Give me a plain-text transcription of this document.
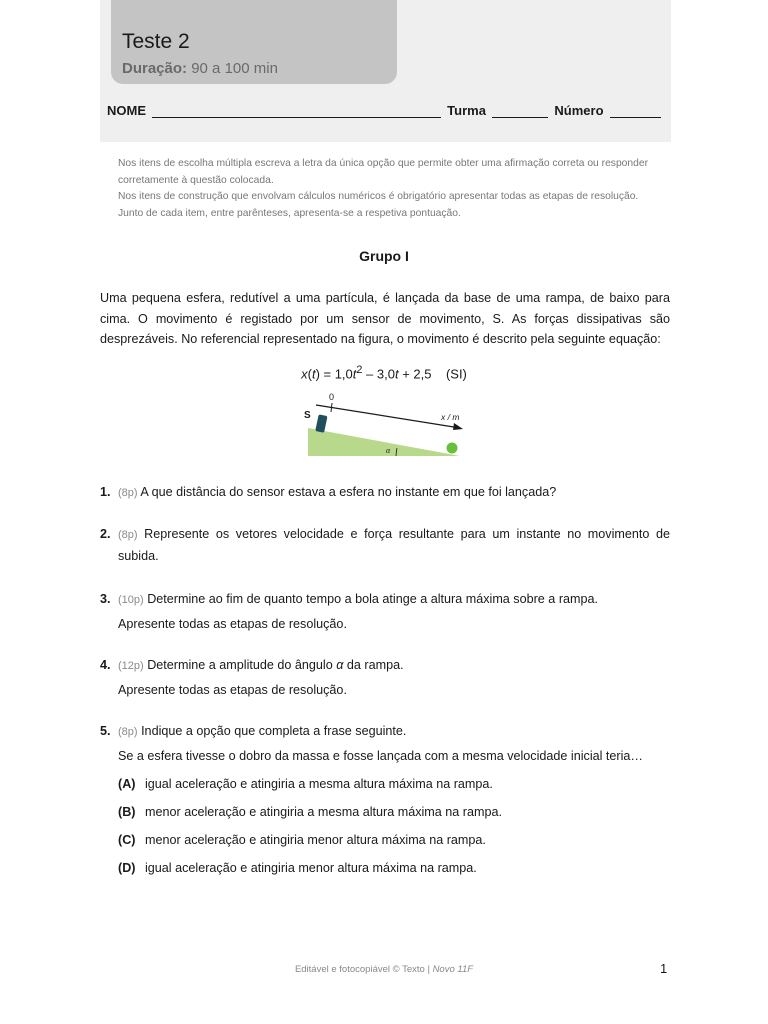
Teste 2
Duração: 90 a 100 min
NOME	Turma	Número

Nos itens de escolha múltipla escreva a letra da única opção que permite obter uma afirmação correta ou responder corretamente à questão colocada.

Nos itens de construção que envolvam cálculos numéricos é obrigatório apresentar todas as etapas de resolução.

Junto de cada item, entre parênteses, apresenta-se a respetiva pontuação.

Grupo I

Uma pequena esfera, redutível a uma partícula, é lançada da base de uma rampa, de baixo para cima. O movimento é registado por um sensor de movimento, S. As forças dissipativas são desprezáveis. No referencial representado na figura, o movimento é descrito pela seguinte equação:

$x(t) = 1,0t^2 - 3,0t + 2,5$ (SI)
S
0
x / m
α
1. (8p) A que distância do sensor estava a esfera no instante em que foi lançada?
2. (8p) Represente os vetores velocidade e força resultante para um instante no movimento de subida.
3. (10p) Determine ao fim de quanto tempo a bola atinge a altura máxima sobre a rampa.

Apresente todas as etapas de resolução.

4. (12p) Determine a amplitude do ângulo α da rampa.

Apresente todas as etapas de resolução.

5. (8p) Indique a opção que completa a frase seguinte.

Se a esfera tivesse o dobro da massa e fosse lançada com a mesma velocidade inicial teria…

(A) igual aceleração e atingiria a mesma altura máxima na rampa.
(B) menor aceleração e atingiria a mesma altura máxima na rampa.
(C) menor aceleração e atingiria menor altura máxima na rampa.
(D) igual aceleração e atingiria menor altura máxima na rampa.
Editável e fotocopiável © Texto | Novo 11F	1
